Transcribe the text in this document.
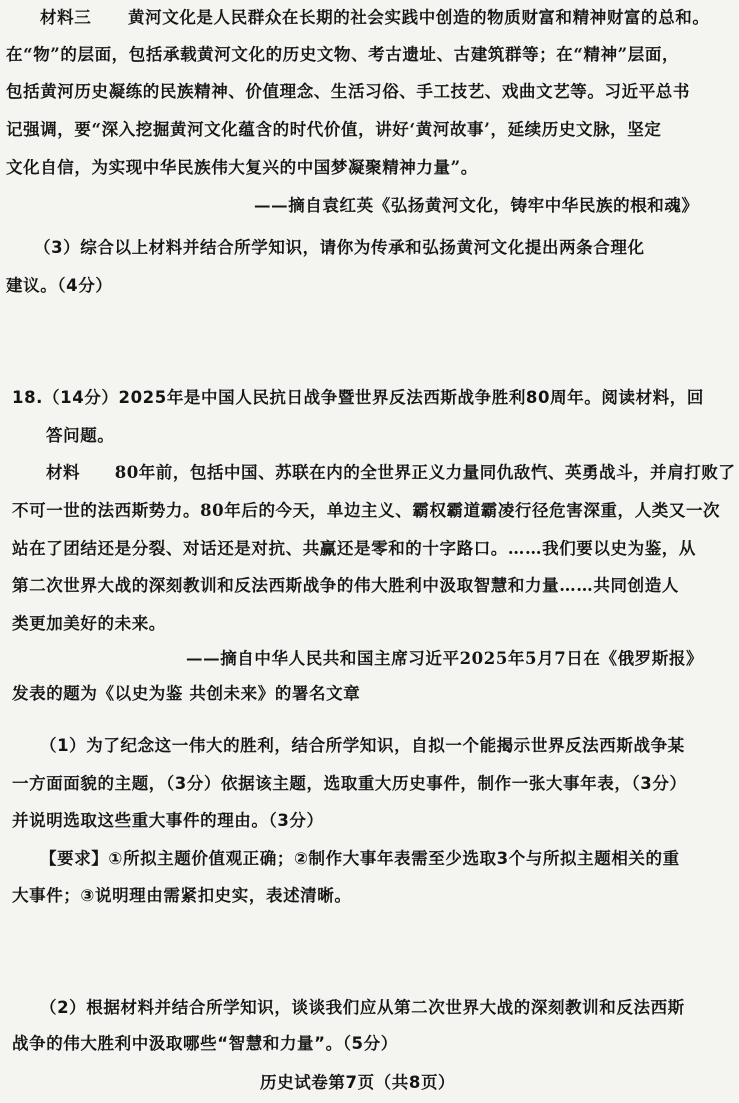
材料三 黄河文化是人民群众在长期的社会实践中创造的物质财富和精神财富的总和。
在“物”的层面，包括承载黄河文化的历史文物、考古遗址、古建筑群等；在“精神”层面，
包括黄河历史凝练的民族精神、价值理念、生活习俗、手工技艺、戏曲文艺等。习近平总书
记强调，要“深入挖掘黄河文化蕴含的时代价值，讲好‘黄河故事’，延续历史文脉，坚定
文化自信，为实现中华民族伟大复兴的中国梦凝聚精神力量”。
——摘自袁红英《弘扬黄河文化，铸牢中华民族的根和魂》
（3）综合以上材料并结合所学知识，请你为传承和弘扬黄河文化提出两条合理化
建议。（4分）
18.（14分）2025年是中国人民抗日战争暨世界反法西斯战争胜利80周年。阅读材料，回
答问题。
材料 80年前，包括中国、苏联在内的全世界正义力量同仇敌忾、英勇战斗，并肩打败了
不可一世的法西斯势力。80年后的今天，单边主义、霸权霸道霸凌行径危害深重，人类又一次
站在了团结还是分裂、对话还是对抗、共赢还是零和的十字路口。……我们要以史为鉴，从
第二次世界大战的深刻教训和反法西斯战争的伟大胜利中汲取智慧和力量……共同创造人
类更加美好的未来。
——摘自中华人民共和国主席习近平2025年5月7日在《俄罗斯报》
发表的题为《以史为鉴 共创未来》的署名文章
（1）为了纪念这一伟大的胜利，结合所学知识，自拟一个能揭示世界反法西斯战争某
一方面面貌的主题，（3分）依据该主题，选取重大历史事件，制作一张大事年表，（3分）
并说明选取这些重大事件的理由。（3分）
【要求】①所拟主题价值观正确；②制作大事年表需至少选取3个与所拟主题相关的重
大事件；③说明理由需紧扣史实，表述清晰。
（2）根据材料并结合所学知识，谈谈我们应从第二次世界大战的深刻教训和反法西斯
战争的伟大胜利中汲取哪些“智慧和力量”。（5分）
历史试卷第7页（共8页）
